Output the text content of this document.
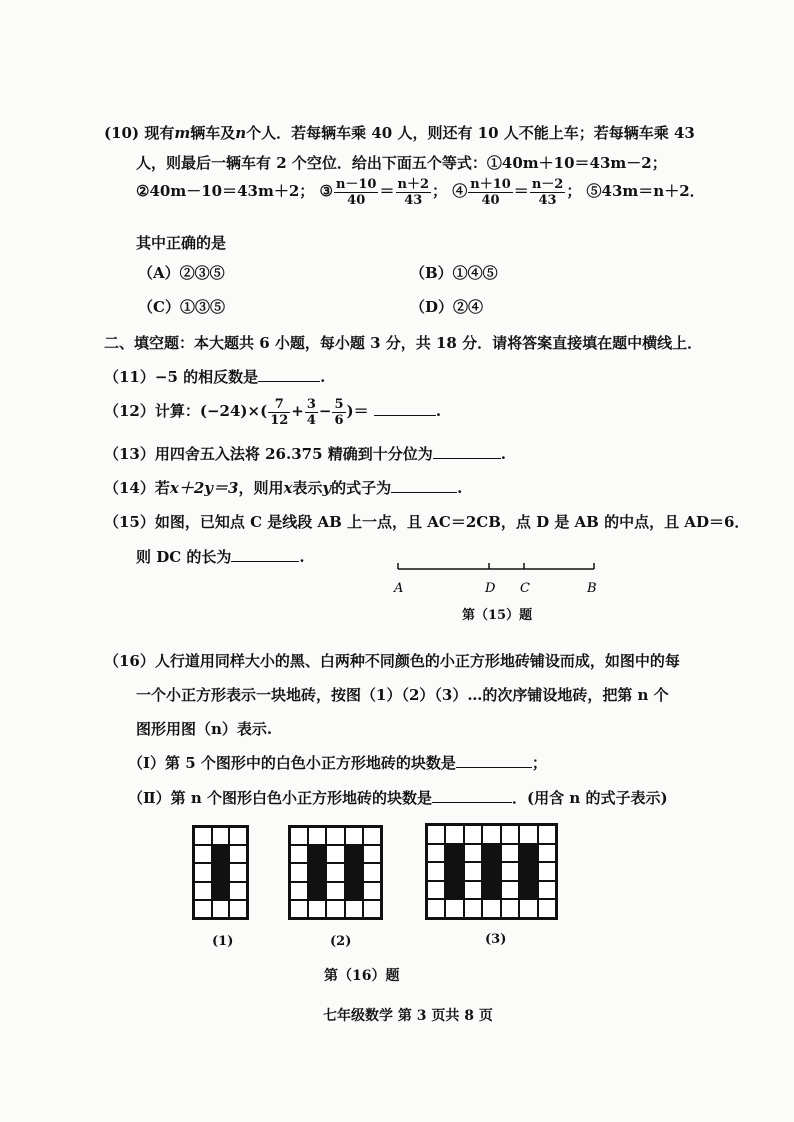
(10) 现有m辆车及n个人．若每辆车乘 40 人，则还有 10 人不能上车；若每辆车乘 43
人，则最后一辆车有 2 个空位．给出下面五个等式：①40m＋10＝43m－2；
②40m－10＝43m＋2； ③ $\frac{n-10}{40} = \frac{n+2}{43}$ ； ④ $\frac{n+10}{40} = \frac{n-2}{43}$ ； ⑤43m＝n＋2．
其中正确的是
（A）②③⑤	（B）①④⑤
（C）①③⑤	（D）②④
二、填空题：本大题共 6 小题，每小题 3 分，共 18 分．请将答案直接填在题中横线上．
（11）−5 的相反数是	.
（12）计算：$(-24)\times( \frac{7}{12} + \frac{3}{4} - \frac{5}{6}$ )＝	.
（13）用四舍五入法将 26.375 精确到十分位为	.
（14）若x＋2y＝3，则用x表示y的式子为	.
（15）如图，已知点 C 是线段 AB 上一点，且 AC＝2CB，点 D 是 AB 的中点，且 AD＝6．
则 DC 的长为	.
A	D C	B
第（15）题
（16）人行道用同样大小的黑、白两种不同颜色的小正方形地砖铺设而成，如图中的每
一个小正方形表示一块地砖，按图（1）（2）（3）…的次序铺设地砖，把第 n 个
图形用图（n）表示.
（Ⅰ）第 5 个图形中的白色小正方形地砖的块数是	；
（Ⅱ）第 n 个图形白色小正方形地砖的块数是	．(用含 n 的式子表示)
(1)	(2)	(3)
第（16）题
七年级数学 第 3 页共 8 页
